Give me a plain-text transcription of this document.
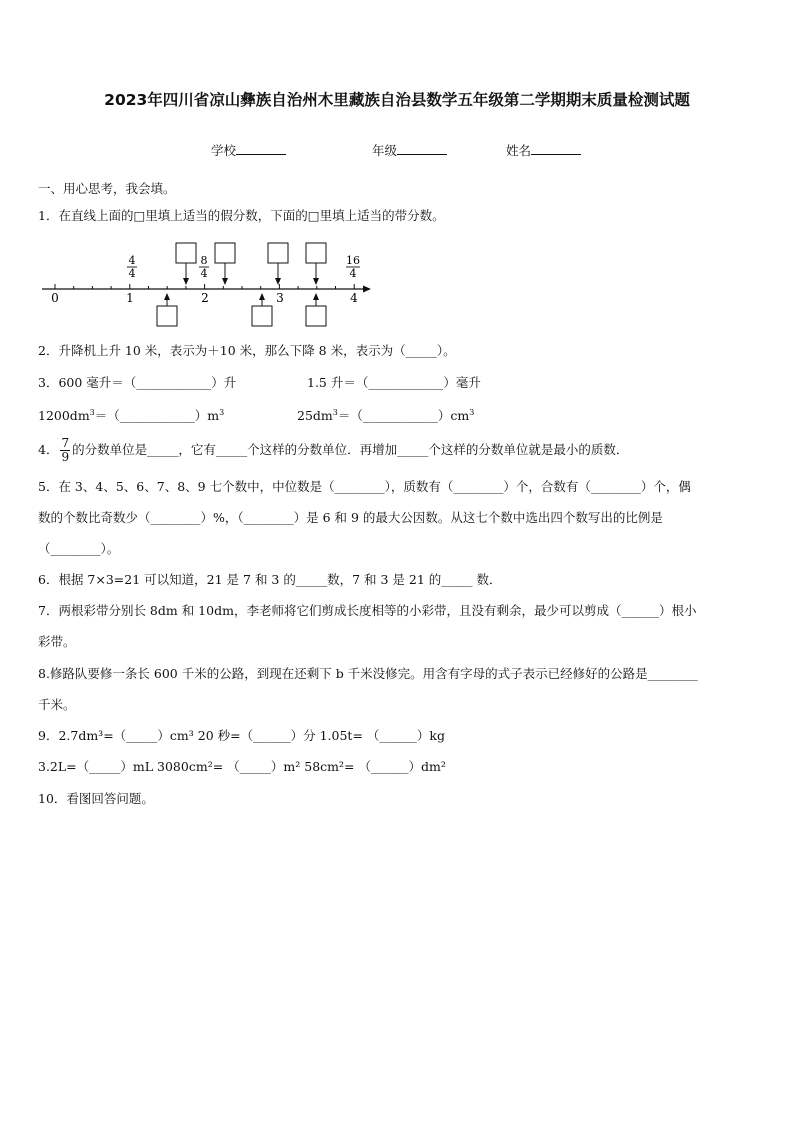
2023年四川省凉山彝族自治州木里藏族自治县数学五年级第二学期期末质量检测试题
学校	年级	姓名
一、用心思考，我会填。
1．在直线上面的□里填上适当的假分数，下面的□里填上适当的带分数。
0	1	2	3	4
4
4
8
4
16
4
2．升降机上升 10 米，表示为＋10 米，那么下降 8 米，表示为（_____）。
3．600 毫升＝（____________）升	1.5 升＝（____________）毫升
$1200dm^3=(\_\_\_\_\_\_\_\_\_\_\_\_)m^3$	$25dm^3=(\_\_\_\_\_\_\_\_\_\_\_\_)cm^3$
4． $\frac{7}{9}$ 的分数单位是_____，它有_____个这样的分数单位．再增加_____个这样的分数单位就是最小的质数．
5．在 3、4、5、6、7、8、9 七个数中，中位数是（________），质数有（________）个，合数有（________）个，偶
数的个数比奇数少（________）%，（________）是 6 和 9 的最大公因数。从这七个数中选出四个数写出的比例是
（________）。
6．根据 7×3=21 可以知道，21 是 7 和 3 的_____数，7 和 3 是 21 的_____ 数．
7．两根彩带分别长 8dm 和 10dm，李老师将它们剪成长度相等的小彩带，且没有剩余，最少可以剪成（______）根小
彩带。
8.修路队要修一条长 600 千米的公路，到现在还剩下 b 千米没修完。用含有字母的式子表示已经修好的公路是________
千米。
9．2.7dm³=（_____）cm³ 20 秒=（______）分 1.05t= （______）kg
3.2L=（_____）mL 3080cm²= （_____）m² 58cm²= （______）dm²
10．看图回答问题。
